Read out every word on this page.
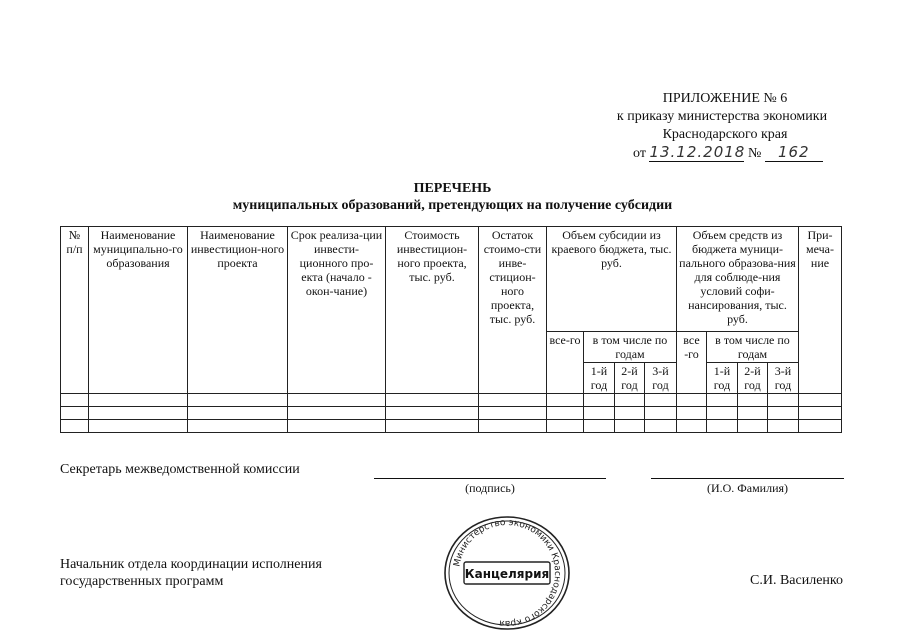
ПРИЛОЖЕНИЕ № 6
к приказу министерства экономики
Краснодарского края
от 13.12.2018 № 162
ПЕРЕЧЕНЬ
муниципальных образований, претендующих на получение субсидии
№ п/п	Наименование муниципально-го образования	Наименование инвестицион-ного проекта	Срок реализа-ции инвести-ционного про-екта (начало - окон-чание)	Стоимость инвестицион-ного проекта, тыс. руб.	Остаток стоимо-сти инве-стицион-ного проекта, тыс. руб.	Объем субсидии из краевого бюджета, тыс. руб.				Объем средств из бюджета муници-пального образова-ния для соблюде-ния условий софи-нансирования, тыс. руб.				При-меча-ние
						все-го	в том числе по годам			все -го	в том числе по годам			
							1-й год	2-й год	3-й год		1-й год	2-й год	3-й год	

Секретарь межведомственной комиссии
(подпись)	(И.О. Фамилия)
Начальник отдела координации исполнения
государственных программ	С.И. Василенко
Министерство экономики Краснодарского края
Канцелярия
